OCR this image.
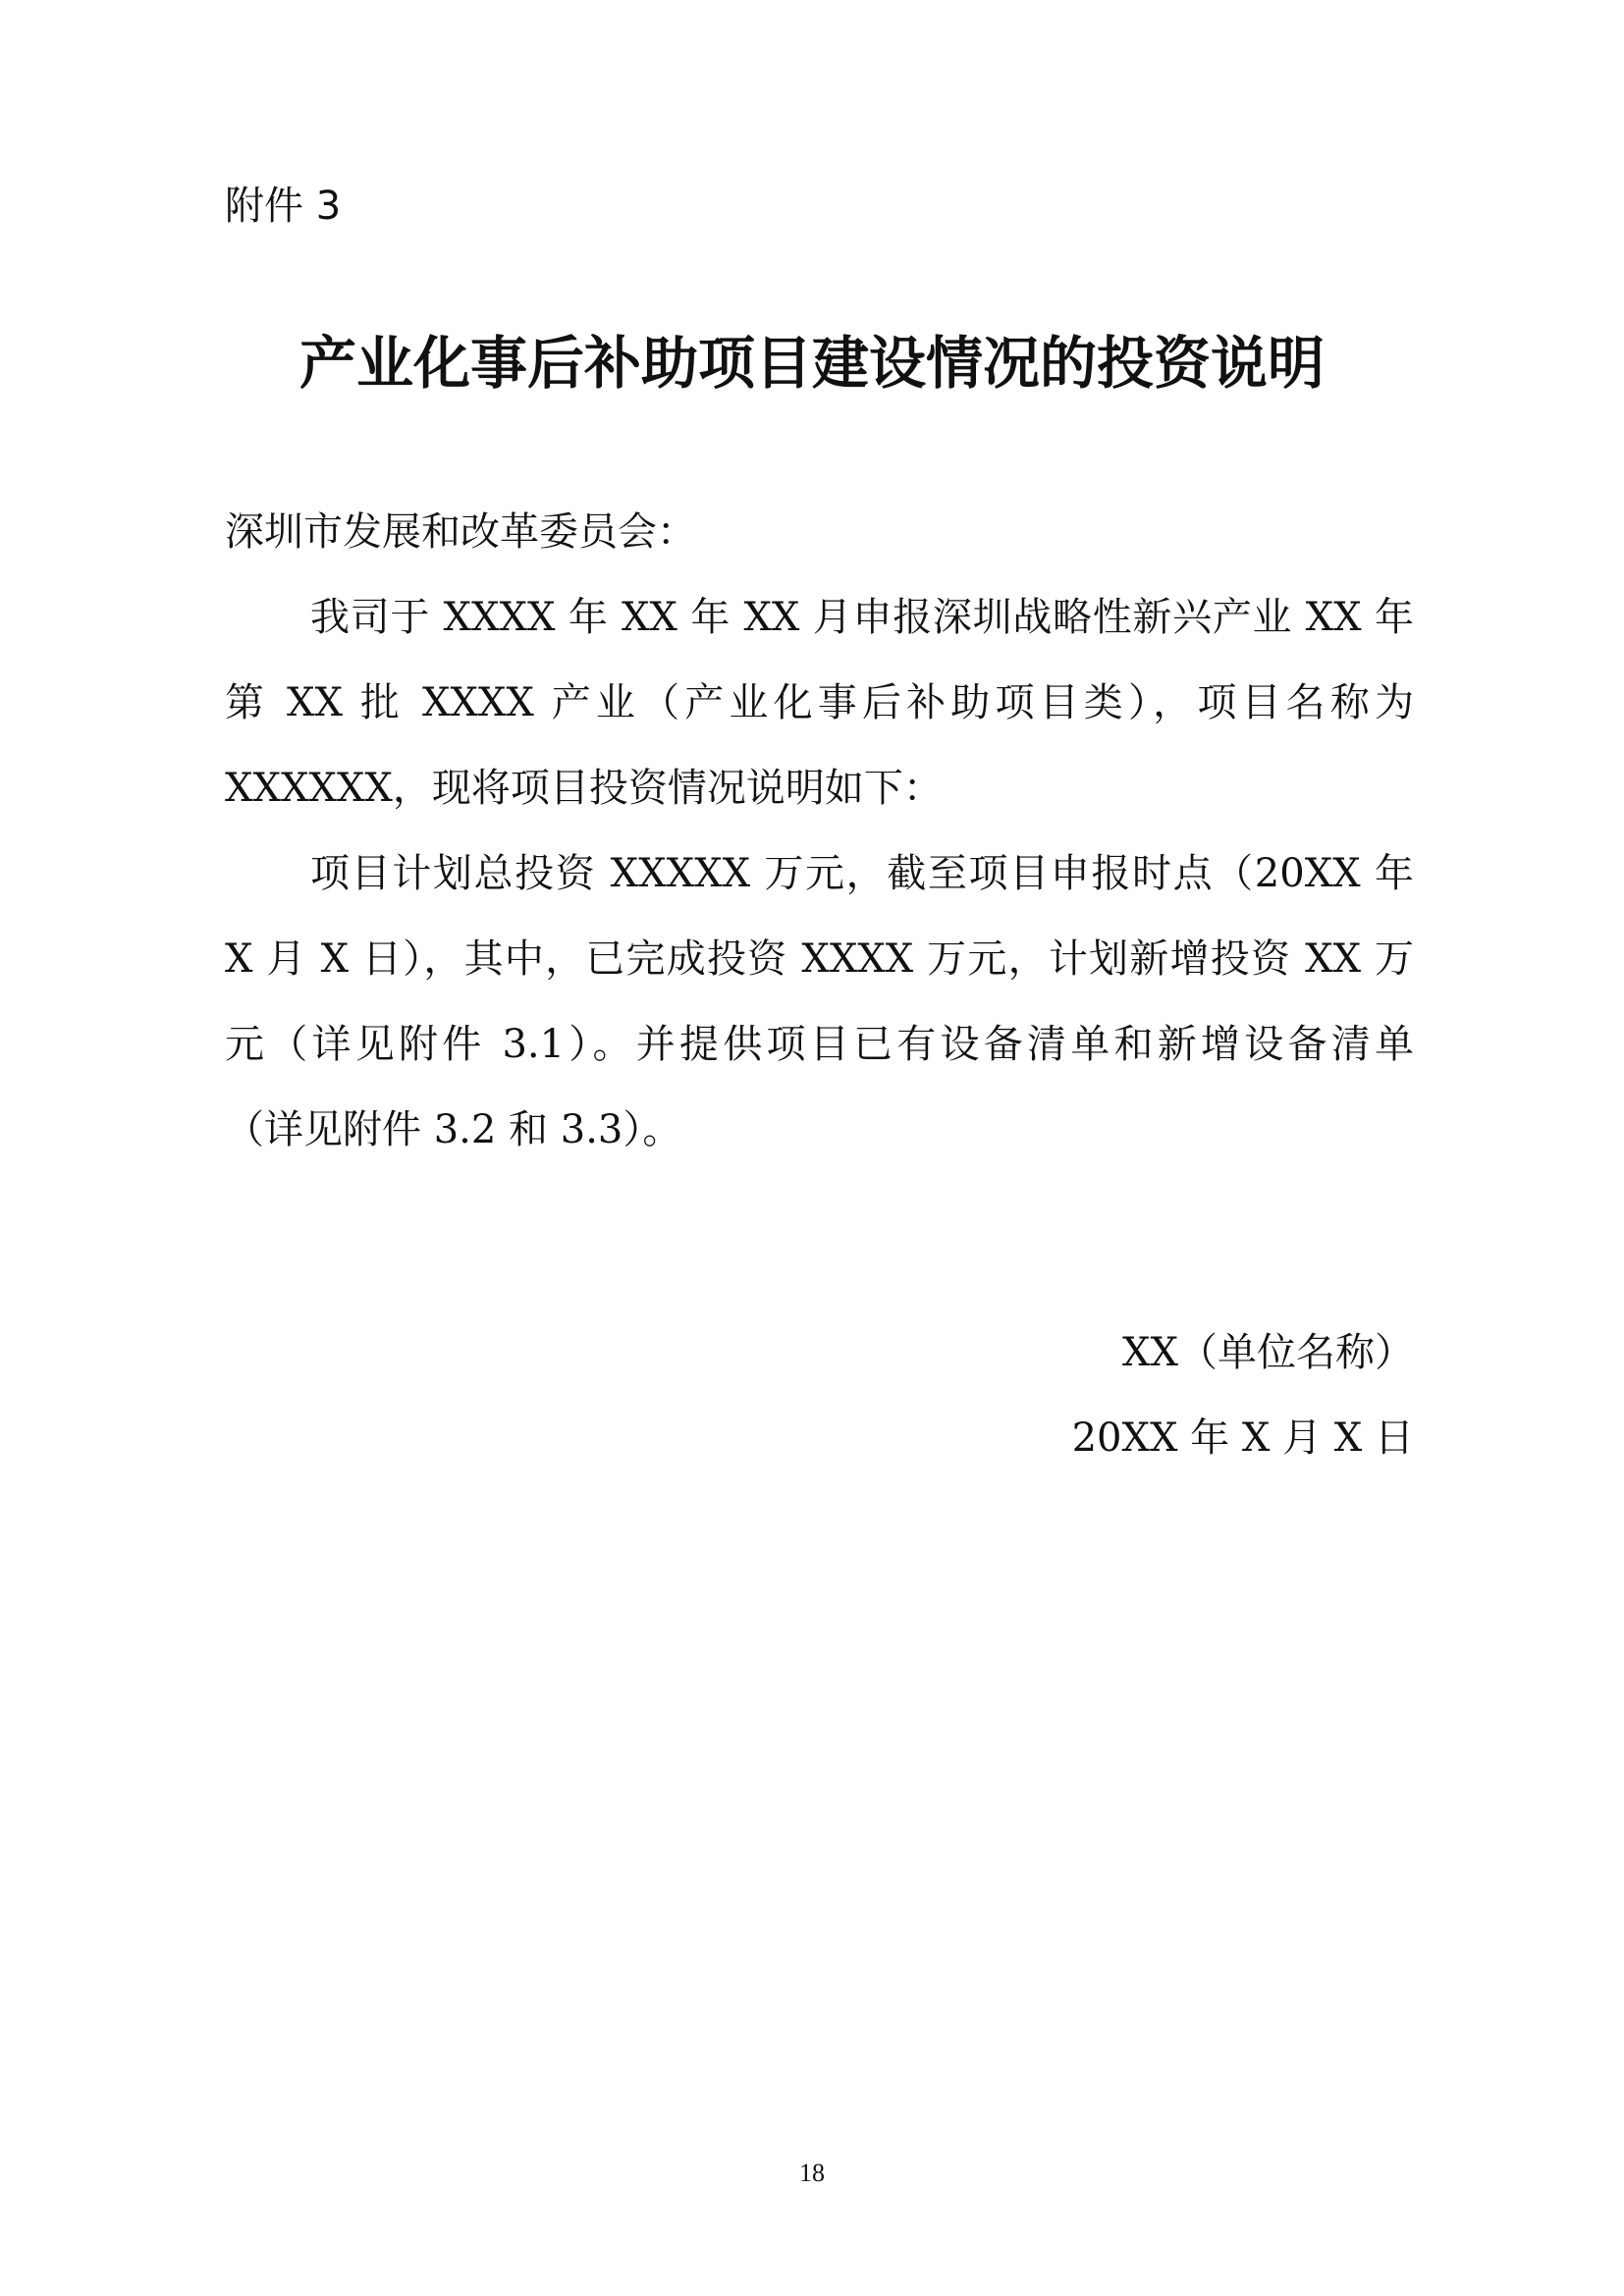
附件 3
产业化事后补助项目建设情况的投资说明
深圳市发展和改革委员会：
我司于 XXXX 年 XX 年 XX 月申报深圳战略性新兴产业 XX 年
第 XX 批 XXXX 产业（产业化事后补助项目类），项目名称为
XXXXXX，现将项目投资情况说明如下：
项目计划总投资 XXXXX 万元，截至项目申报时点（20XX 年
X 月 X 日），其中，已完成投资 XXXX 万元，计划新增投资 XX 万
元（详见附件 3.1）。并提供项目已有设备清单和新增设备清单
（详见附件 3.2 和 3.3）。
XX（单位名称）
20XX 年 X 月 X 日
18
